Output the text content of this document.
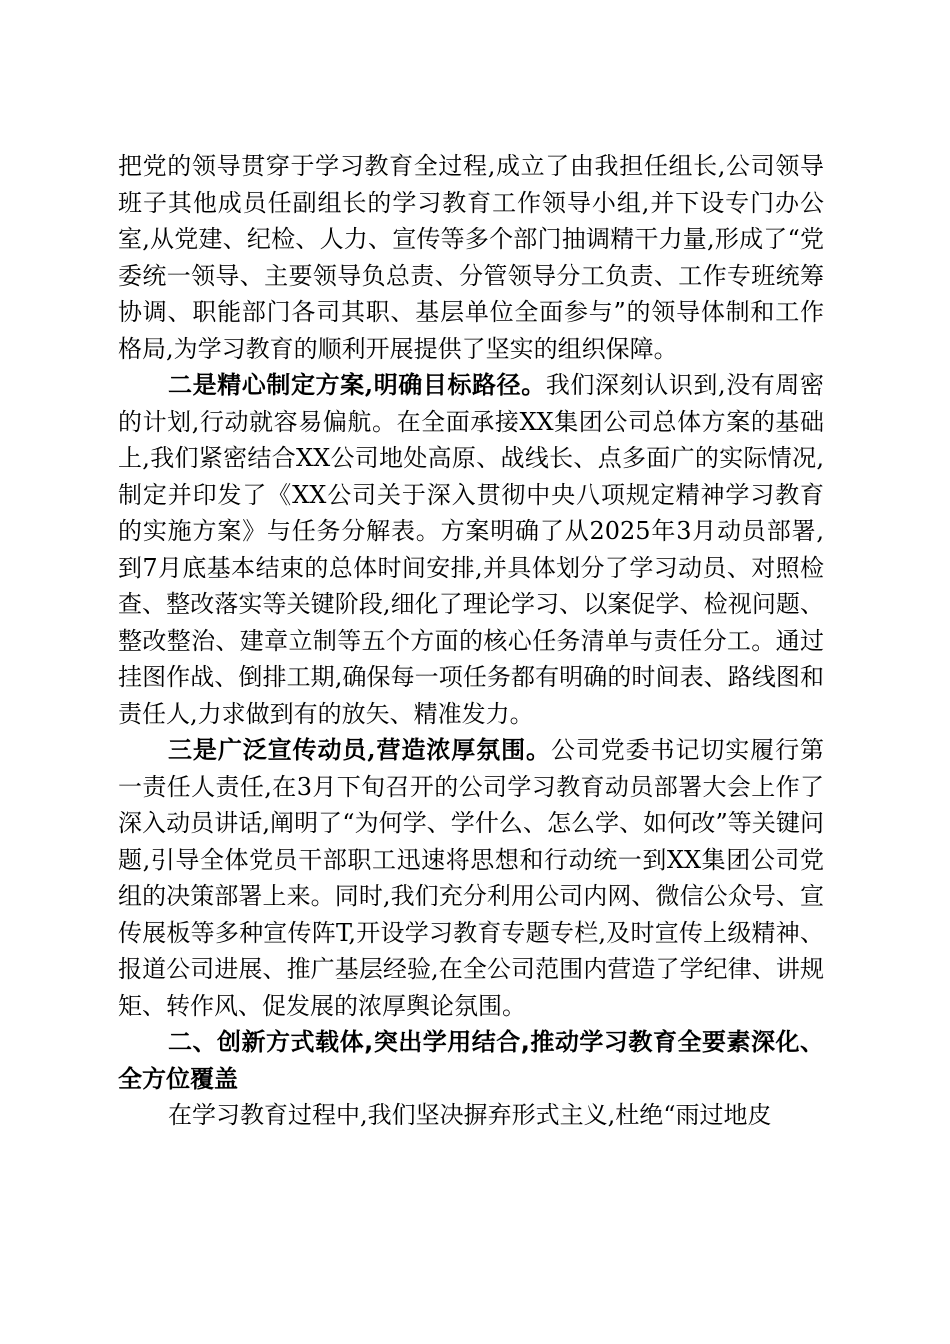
把党的领导贯穿于学习教育全过程,成立了由我担任组长,公司领导班子其他成员任副组长的学习教育工作领导小组,并下设专门办公室,从党建、纪检、人力、宣传等多个部门抽调精干力量,形成了“党委统一领导、主要领导负总责、分管领导分工负责、工作专班统筹协调、职能部门各司其职、基层单位全面参与”的领导体制和工作格局,为学习教育的顺利开展提供了坚实的组织保障。

二是精心制定方案,明确目标路径。我们深刻认识到,没有周密的计划,行动就容易偏航。在全面承接XX集团公司总体方案的基础上,我们紧密结合XX公司地处高原、战线长、点多面广的实际情况,制定并印发了《XX公司关于深入贯彻中央八项规定精神学习教育的实施方案》与任务分解表。方案明确了从2025年3月动员部署,到7月底基本结束的总体时间安排,并具体划分了学习动员、对照检查、整改落实等关键阶段,细化了理论学习、以案促学、检视问题、整改整治、建章立制等五个方面的核心任务清单与责任分工。通过挂图作战、倒排工期,确保每一项任务都有明确的时间表、路线图和责任人,力求做到有的放矢、精准发力。

三是广泛宣传动员,营造浓厚氛围。公司党委书记切实履行第一责任人责任,在3月下旬召开的公司学习教育动员部署大会上作了深入动员讲话,阐明了“为何学、学什么、怎么学、如何改”等关键问题,引导全体党员干部职工迅速将思想和行动统一到XX集团公司党组的决策部署上来。同时,我们充分利用公司内网、微信公众号、宣传展板等多种宣传阵T,开设学习教育专题专栏,及时宣传上级精神、报道公司进展、推广基层经验,在全公司范围内营造了学纪律、讲规矩、转作风、促发展的浓厚舆论氛围。

二、创新方式载体,突出学用结合,推动学习教育全要素深化、全方位覆盖

在学习教育过程中,我们坚决摒弃形式主义,杜绝“雨过地皮
